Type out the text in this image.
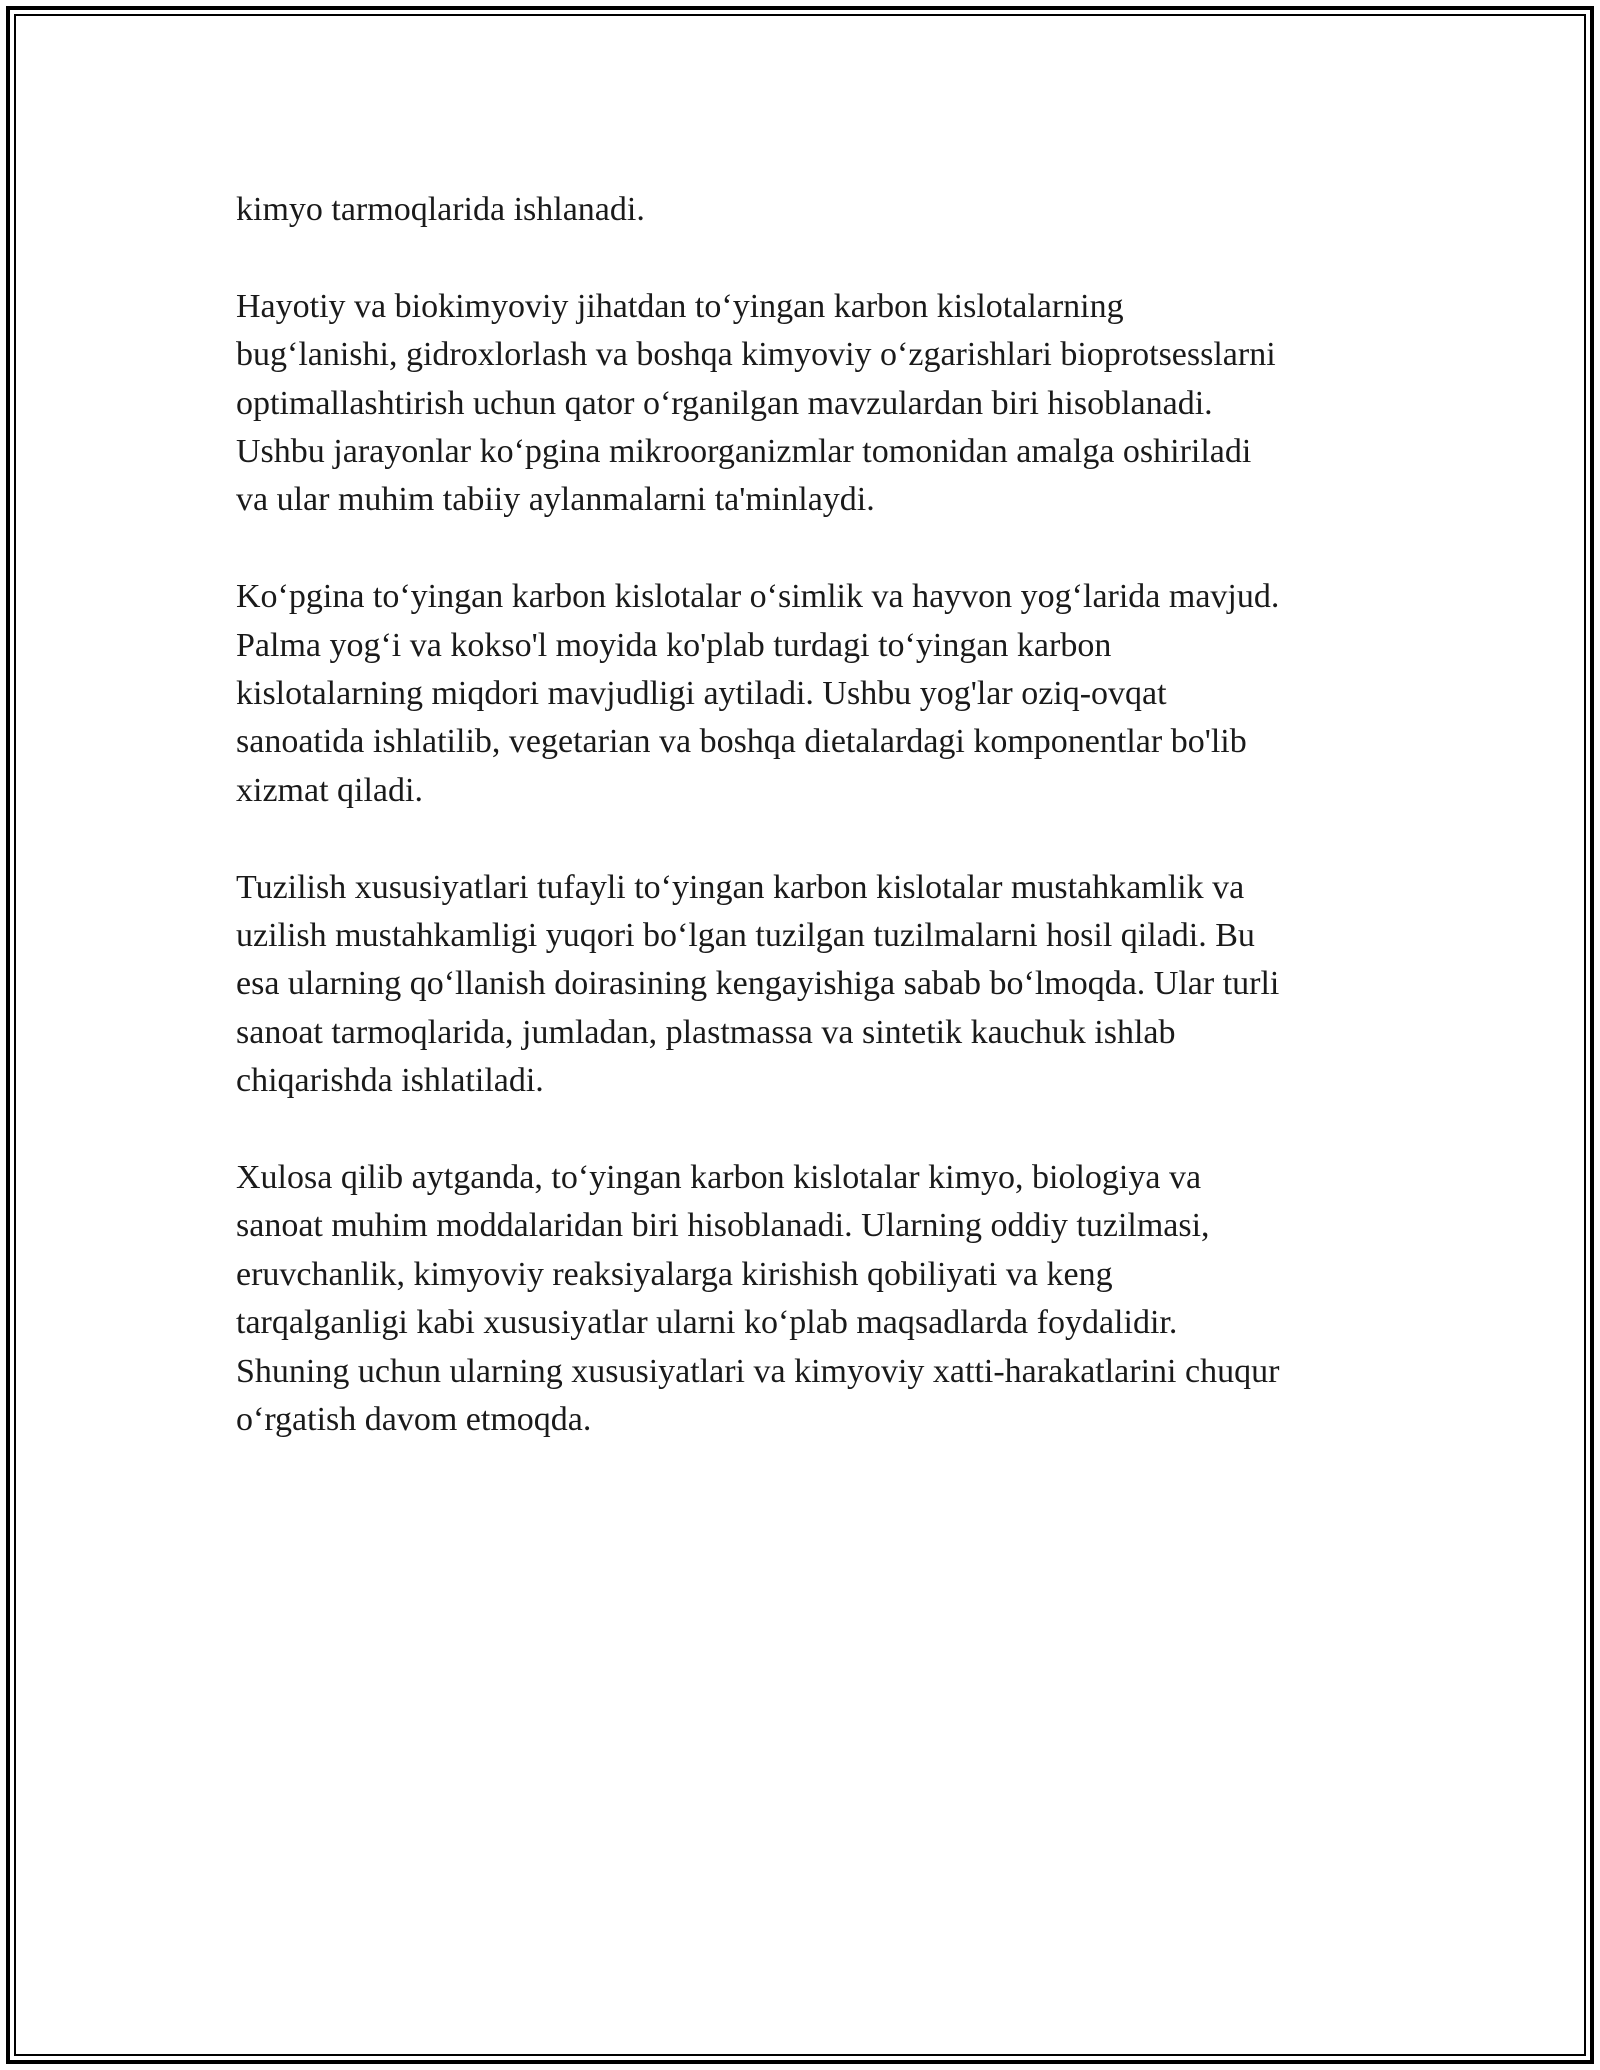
kimyo tarmoqlarida ishlanadi.

Hayotiy va biokimyoviy jihatdan to‘yingan karbon kislotalarning
bug‘lanishi, gidroxlorlash va boshqa kimyoviy o‘zgarishlari bioprotsesslarni
optimallashtirish uchun qator o‘rganilgan mavzulardan biri hisoblanadi.
Ushbu jarayonlar ko‘pgina mikroorganizmlar tomonidan amalga oshiriladi
va ular muhim tabiiy aylanmalarni ta'minlaydi.

Ko‘pgina to‘yingan karbon kislotalar o‘simlik va hayvon yog‘larida mavjud.
Palma yog‘i va kokso'l moyida ko'plab turdagi to‘yingan karbon
kislotalarning miqdori mavjudligi aytiladi. Ushbu yog'lar oziq-ovqat
sanoatida ishlatilib, vegetarian va boshqa dietalardagi komponentlar bo'lib
xizmat qiladi.

Tuzilish xususiyatlari tufayli to‘yingan karbon kislotalar mustahkamlik va
uzilish mustahkamligi yuqori bo‘lgan tuzilgan tuzilmalarni hosil qiladi. Bu
esa ularning qo‘llanish doirasining kengayishiga sabab bo‘lmoqda. Ular turli
sanoat tarmoqlarida, jumladan, plastmassa va sintetik kauchuk ishlab
chiqarishda ishlatiladi.

Xulosa qilib aytganda, to‘yingan karbon kislotalar kimyo, biologiya va
sanoat muhim moddalaridan biri hisoblanadi. Ularning oddiy tuzilmasi,
eruvchanlik, kimyoviy reaksiyalarga kirishish qobiliyati va keng
tarqalganligi kabi xususiyatlar ularni ko‘plab maqsadlarda foydalidir.
Shuning uchun ularning xususiyatlari va kimyoviy xatti-harakatlarini chuqur
o‘rgatish davom etmoqda.
